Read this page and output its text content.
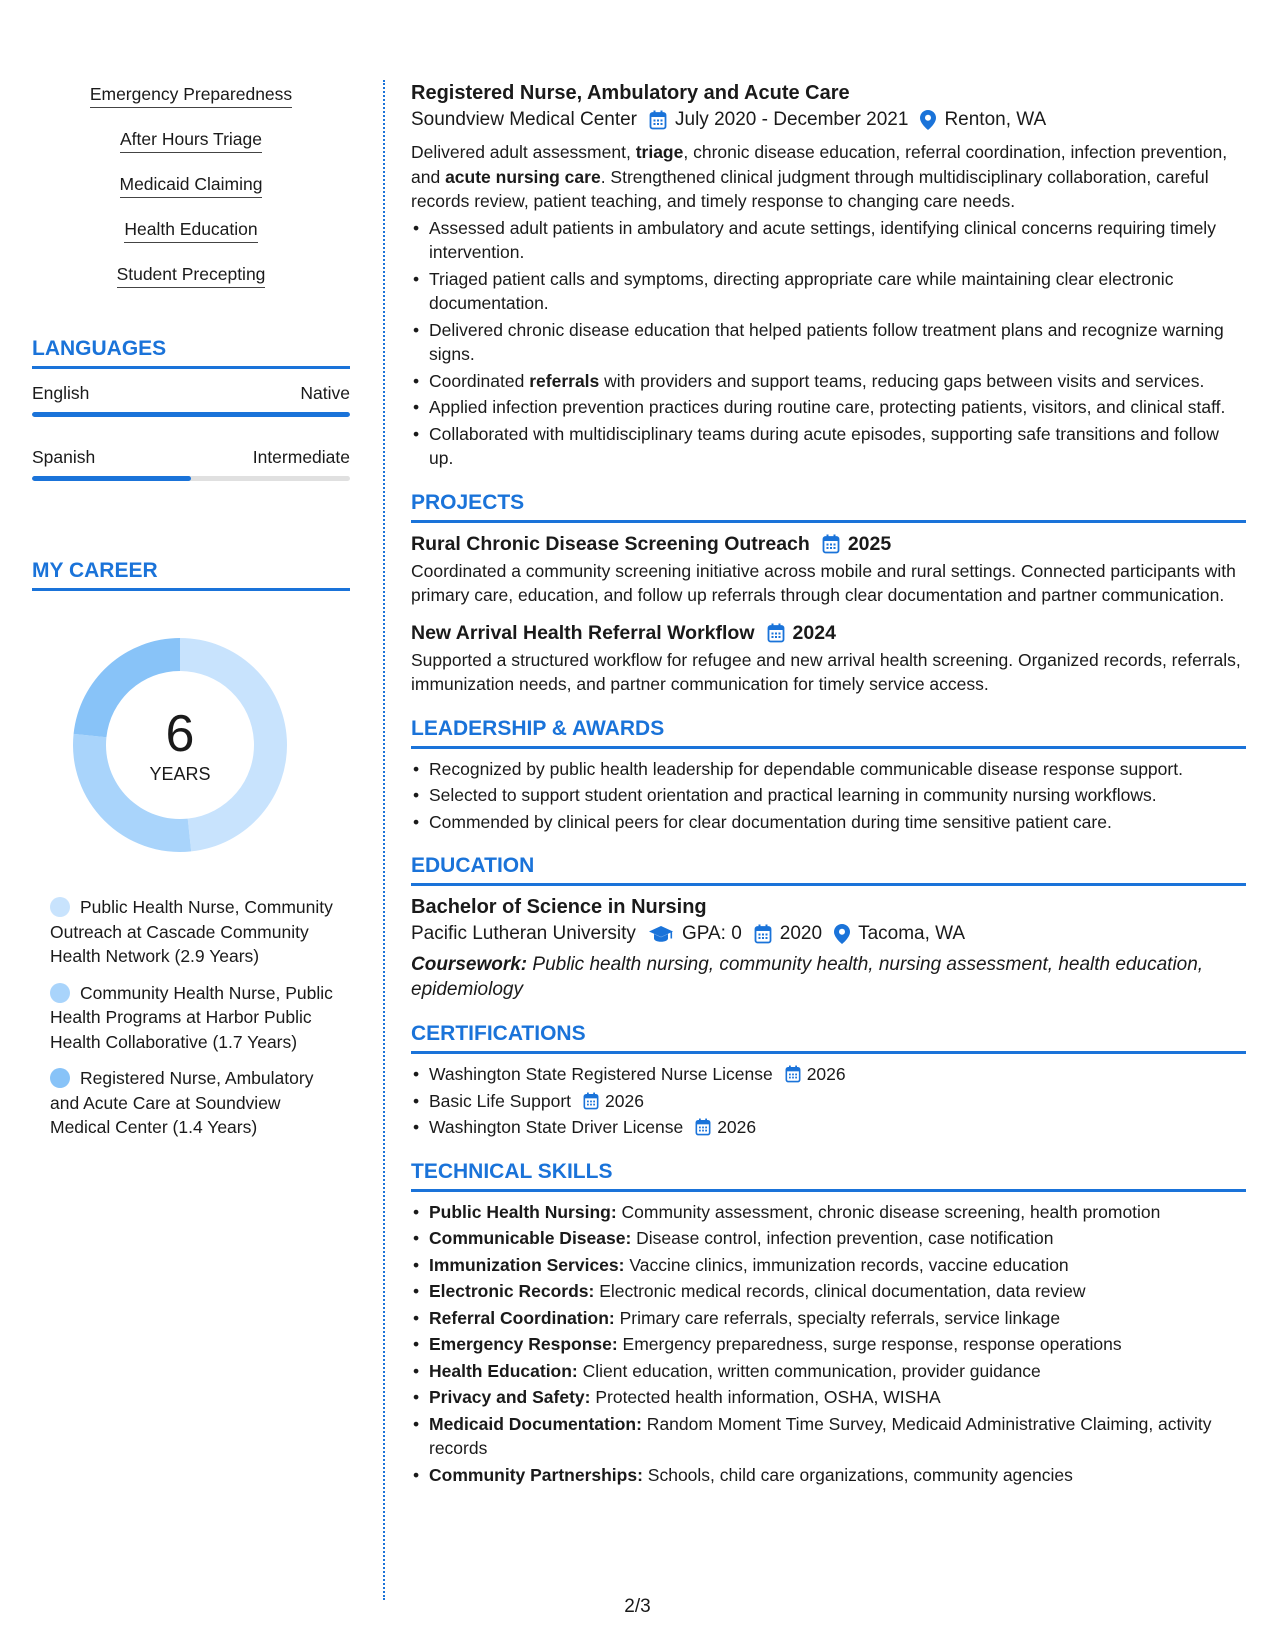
Emergency Preparedness
After Hours Triage
Medicaid Claiming
Health Education
Student Precepting
LANGUAGES
English	Native
Spanish	Intermediate
MY CAREER
6
YEARS
Public Health Nurse, Community Outreach at Cascade Community Health Network (2.9 Years)
Community Health Nurse, Public Health Programs at Harbor Public Health Collaborative (1.7 Years)
Registered Nurse, Ambulatory and Acute Care at Soundview Medical Center (1.4 Years)
Registered Nurse, Ambulatory and Acute Care
Soundview Medical Center July 2020 - December 2021 Renton, WA

Delivered adult assessment, triage, chronic disease education, referral coordination, infection prevention, and acute nursing care. Strengthened clinical judgment through multidisciplinary collaboration, careful records review, patient teaching, and timely response to changing care needs.

• Assessed adult patients in ambulatory and acute settings, identifying clinical concerns requiring timely intervention.
• Triaged patient calls and symptoms, directing appropriate care while maintaining clear electronic documentation.
• Delivered chronic disease education that helped patients follow treatment plans and recognize warning signs.
• Coordinated referrals with providers and support teams, reducing gaps between visits and services.
• Applied infection prevention practices during routine care, protecting patients, visitors, and clinical staff.
• Collaborated with multidisciplinary teams during acute episodes, supporting safe transitions and follow up.
PROJECTS
Rural Chronic Disease Screening Outreach 2025

Coordinated a community screening initiative across mobile and rural settings. Connected participants with primary care, education, and follow up referrals through clear documentation and partner communication.

New Arrival Health Referral Workflow 2024

Supported a structured workflow for refugee and new arrival health screening. Organized records, referrals, immunization needs, and partner communication for timely service access.

LEADERSHIP & AWARDS
• Recognized by public health leadership for dependable communicable disease response support.
• Selected to support student orientation and practical learning in community nursing workflows.
• Commended by clinical peers for clear documentation during time sensitive patient care.
EDUCATION
Bachelor of Science in Nursing
Pacific Lutheran University GPA: 0 2020 Tacoma, WA

Coursework: Public health nursing, community health, nursing assessment, health education, epidemiology

CERTIFICATIONS
• Washington State Registered Nurse License 2026
• Basic Life Support 2026
• Washington State Driver License 2026
TECHNICAL SKILLS
• Public Health Nursing: Community assessment, chronic disease screening, health promotion
• Communicable Disease: Disease control, infection prevention, case notification
• Immunization Services: Vaccine clinics, immunization records, vaccine education
• Electronic Records: Electronic medical records, clinical documentation, data review
• Referral Coordination: Primary care referrals, specialty referrals, service linkage
• Emergency Response: Emergency preparedness, surge response, response operations
• Health Education: Client education, written communication, provider guidance
• Privacy and Safety: Protected health information, OSHA, WISHA
• Medicaid Documentation: Random Moment Time Survey, Medicaid Administrative Claiming, activity records
• Community Partnerships: Schools, child care organizations, community agencies
2/3
